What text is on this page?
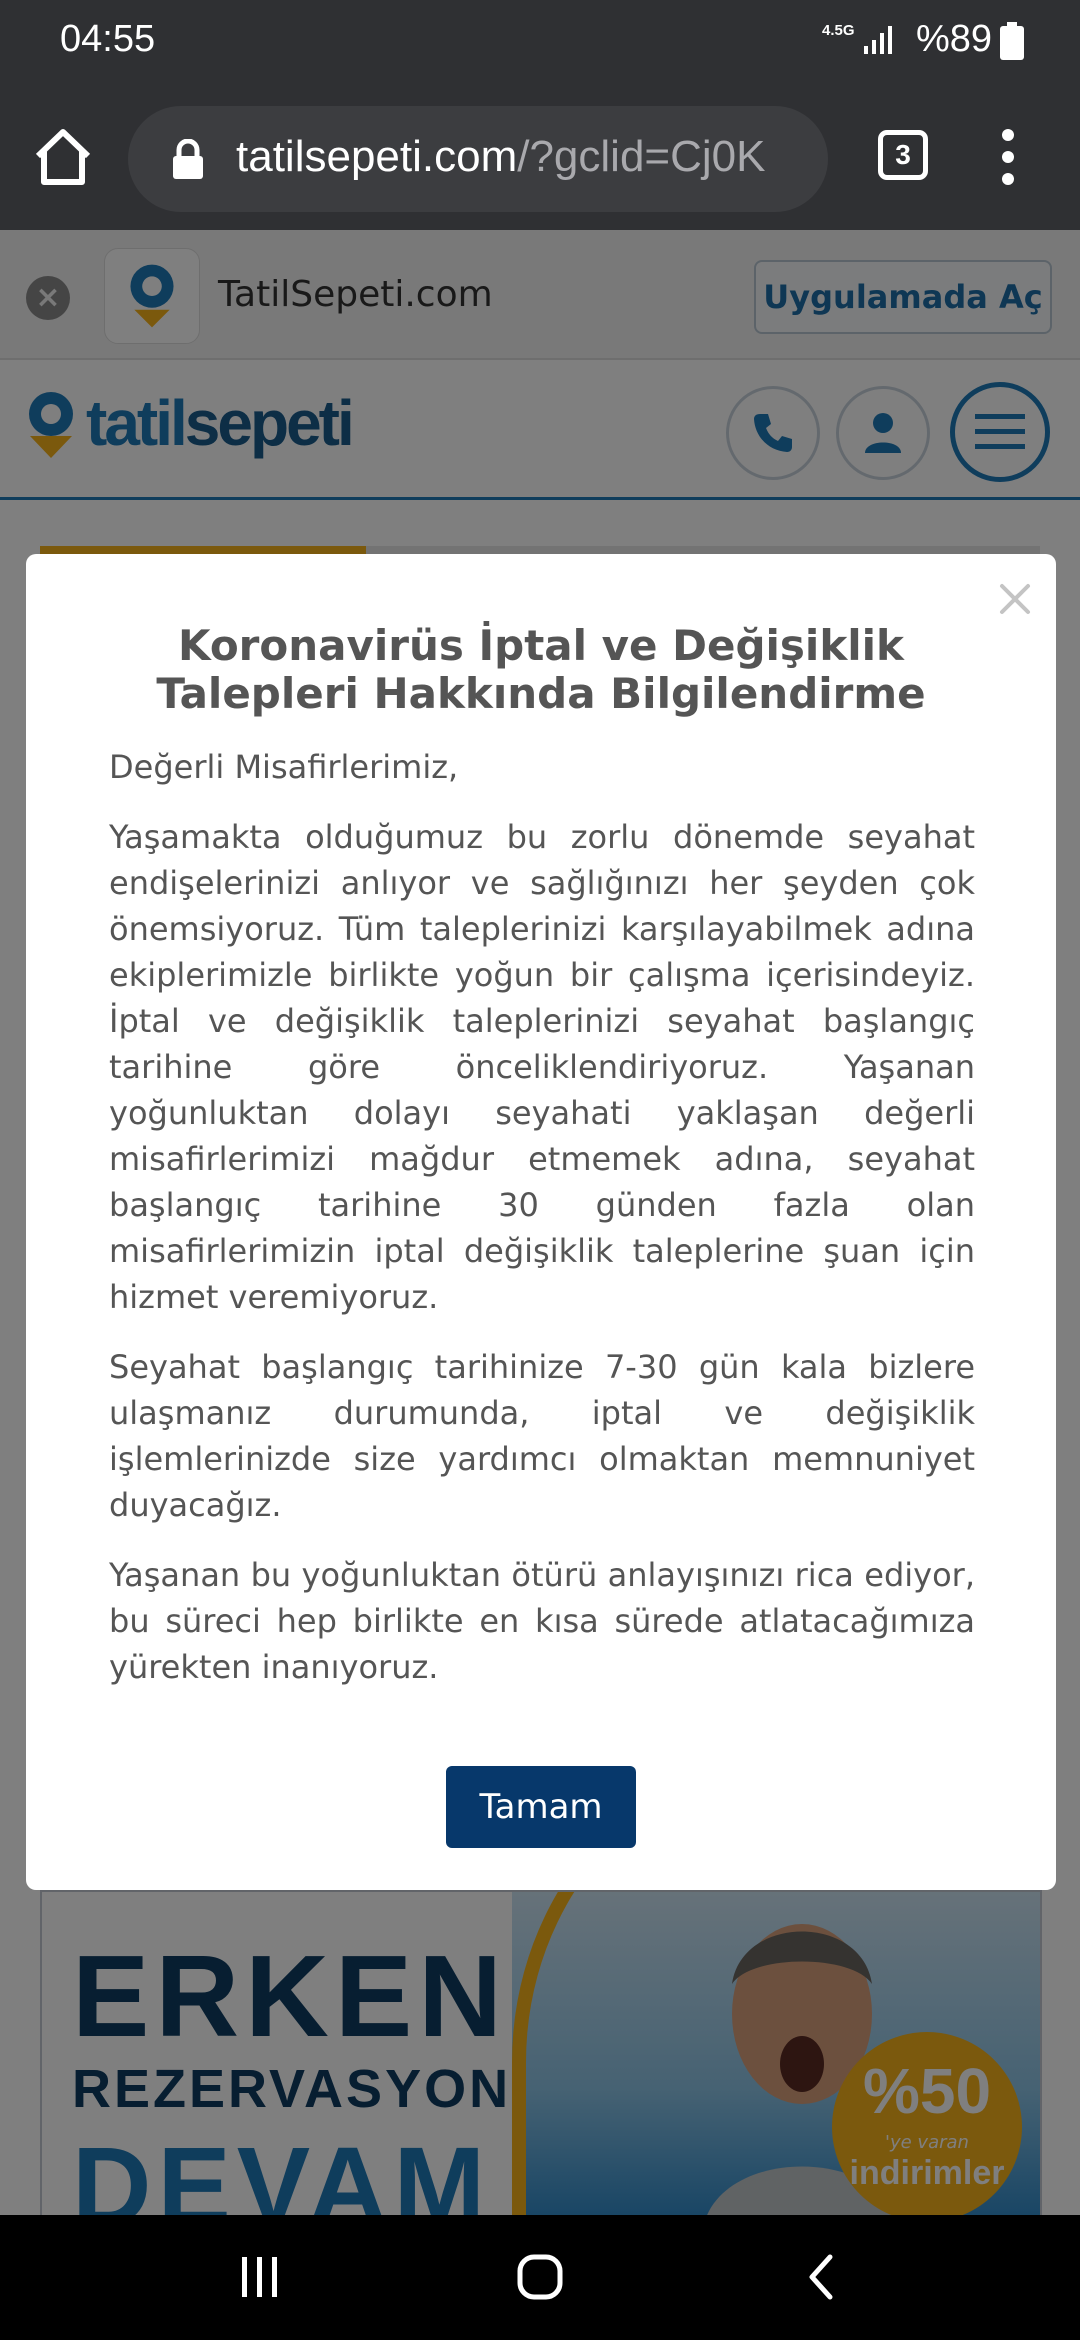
04:55	4.5G %89
tatilsepeti.com/?gclid=Cj0K	3
Koronavirüs İptal ve Değişiklik Talepleri Hakkında Bilgilendirme

Değerli Misafirlerimiz,

Yaşamakta olduğumuz bu zorlu dönemde seyahat endişelerinizi anlıyor ve sağlığınızı her şeyden çok önemsiyoruz. Tüm taleplerinizi karşılayabilmek adına ekiplerimizle birlikte yoğun bir çalışma içerisindeyiz. İptal ve değişiklik taleplerinizi seyahat başlangıç tarihine göre önceliklendiriyoruz. Yaşanan yoğunluktan dolayı seyahati yaklaşan değerli misafirlerimizi mağdur etmemek adına, seyahat başlangıç tarihine 30 günden fazla olan misafirlerimizin iptal değişiklik taleplerine şuan için hizmet veremiyoruz.

Seyahat başlangıç tarihinize 7-30 gün kala bizlere ulaşmanız durumunda, iptal ve değişiklik işlemlerinizde size yardımcı olmaktan memnuniyet duyacağız.

Yaşanan bu yoğunluktan ötürü anlayışınızı rica ediyor, bu süreci hep birlikte en kısa sürede atlatacağımıza yürekten inanıyoruz.

Tamam
